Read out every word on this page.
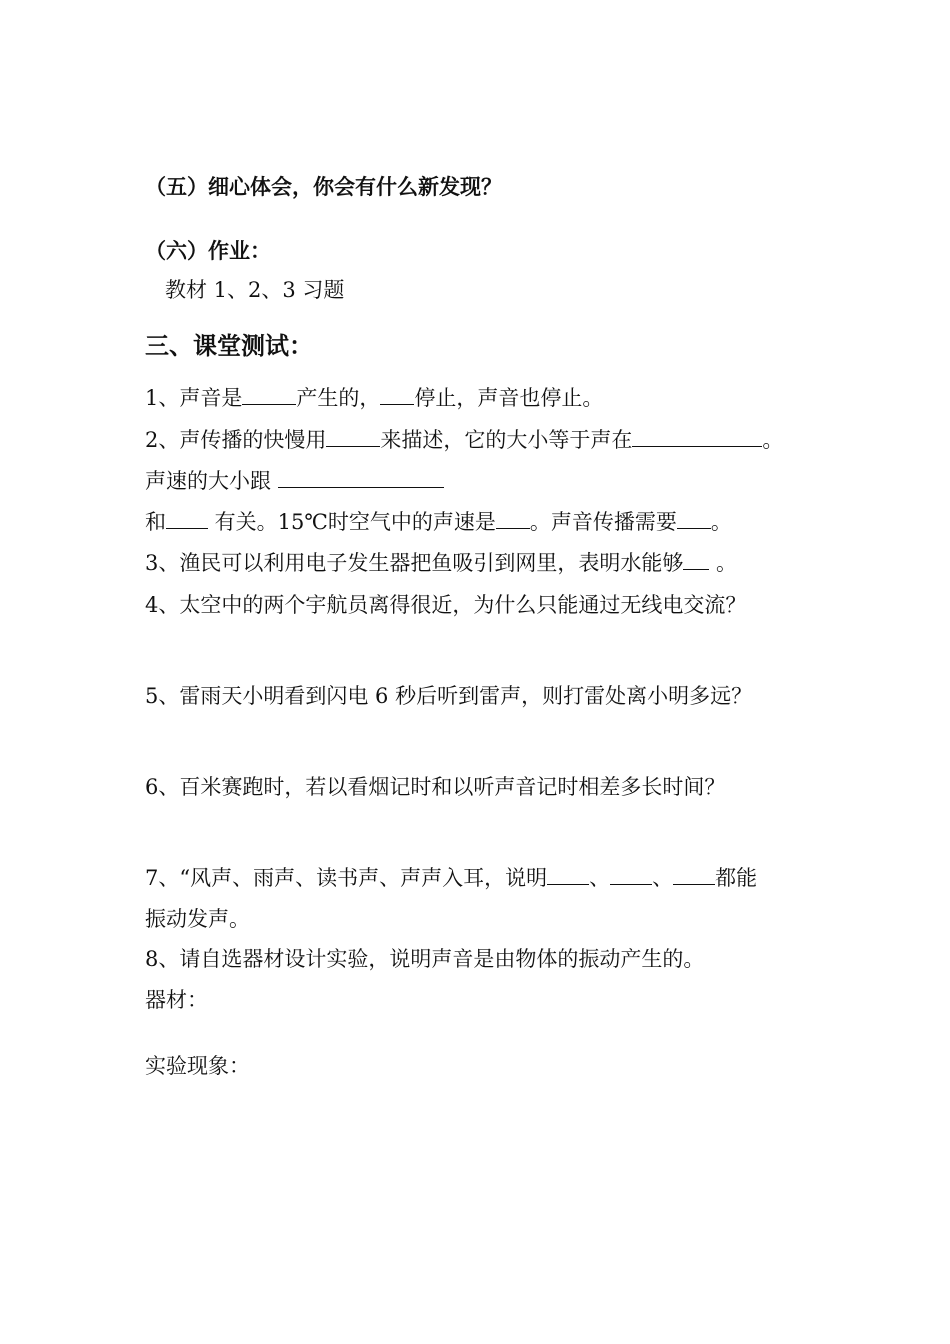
（五）细心体会，你会有什么新发现？
（六）作业：
教材 1、2、3 习题
三、课堂测试：
1、声音是	产生的， 停止，声音也停止。
2、声传播的快慢用	来描述，它的大小等于声在	。
声速的大小跟
和 有关。15℃时空气中的声速是 。声音传播需要 。
3、渔民可以利用电子发生器把鱼吸引到网里，表明水能够 。
4、太空中的两个宇航员离得很近，为什么只能通过无线电交流？
5、雷雨天小明看到闪电 6 秒后听到雷声，则打雷处离小明多远？
6、百米赛跑时，若以看烟记时和以听声音记时相差多长时间？
7、“风声、雨声、读书声、声声入耳，说明 、 、 都能
振动发声。
8、请自选器材设计实验，说明声音是由物体的振动产生的。
器材：
实验现象：
